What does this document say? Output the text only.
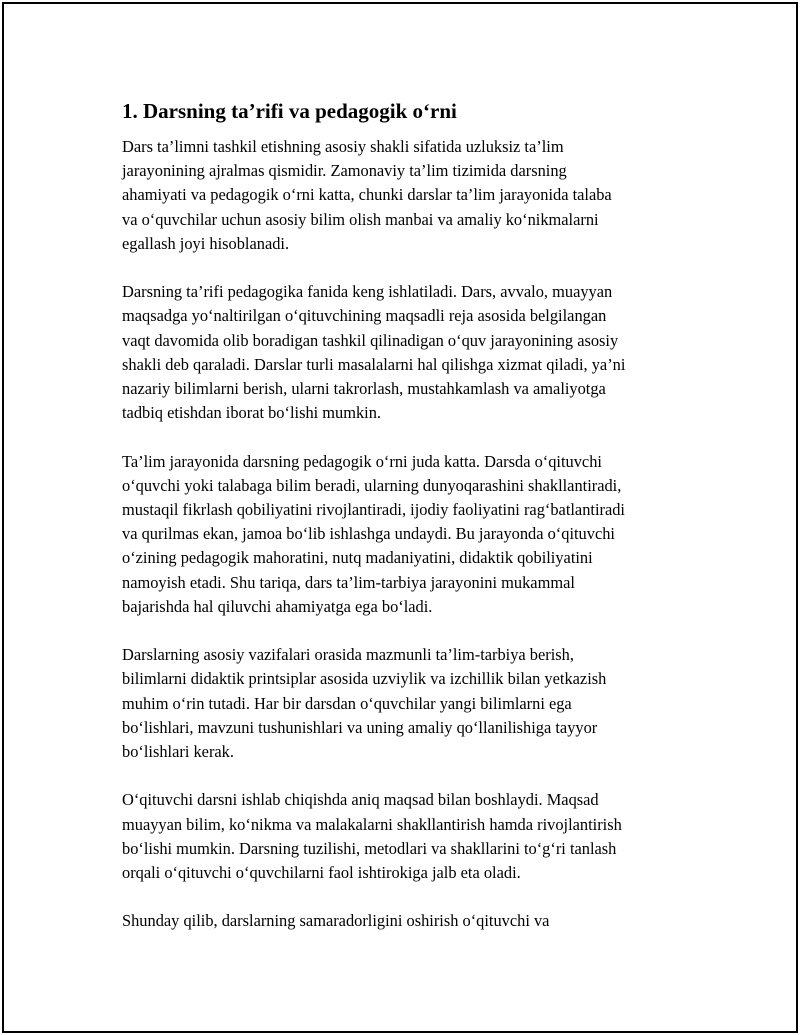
1. Darsning ta’rifi va pedagogik o‘rni

Dars ta’limni tashkil etishning asosiy shakli sifatida uzluksiz ta’lim
jarayonining ajralmas qismidir. Zamonaviy ta’lim tizimida darsning
ahamiyati va pedagogik o‘rni katta, chunki darslar ta’lim jarayonida talaba
va o‘quvchilar uchun asosiy bilim olish manbai va amaliy ko‘nikmalarni
egallash joyi hisoblanadi.

Darsning ta’rifi pedagogika fanida keng ishlatiladi. Dars, avvalo, muayyan
maqsadga yo‘naltirilgan o‘qituvchining maqsadli reja asosida belgilangan
vaqt davomida olib boradigan tashkil qilinadigan o‘quv jarayonining asosiy
shakli deb qaraladi. Darslar turli masalalarni hal qilishga xizmat qiladi, ya’ni
nazariy bilimlarni berish, ularni takrorlash, mustahkamlash va amaliyotga
tadbiq etishdan iborat bo‘lishi mumkin.

Ta’lim jarayonida darsning pedagogik o‘rni juda katta. Darsda o‘qituvchi
o‘quvchi yoki talabaga bilim beradi, ularning dunyoqarashini shakllantiradi,
mustaqil fikrlash qobiliyatini rivojlantiradi, ijodiy faoliyatini rag‘batlantiradi
va qurilmas ekan, jamoa bo‘lib ishlashga undaydi. Bu jarayonda o‘qituvchi
o‘zining pedagogik mahoratini, nutq madaniyatini, didaktik qobiliyatini
namoyish etadi. Shu tariqa, dars ta’lim-tarbiya jarayonini mukammal
bajarishda hal qiluvchi ahamiyatga ega bo‘ladi.

Darslarning asosiy vazifalari orasida mazmunli ta’lim-tarbiya berish,
bilimlarni didaktik printsiplar asosida uzviylik va izchillik bilan yetkazish
muhim o‘rin tutadi. Har bir darsdan o‘quvchilar yangi bilimlarni ega
bo‘lishlari, mavzuni tushunishlari va uning amaliy qo‘llanilishiga tayyor
bo‘lishlari kerak.

O‘qituvchi darsni ishlab chiqishda aniq maqsad bilan boshlaydi. Maqsad
muayyan bilim, ko‘nikma va malakalarni shakllantirish hamda rivojlantirish
bo‘lishi mumkin. Darsning tuzilishi, metodlari va shakllarini to‘g‘ri tanlash
orqali o‘qituvchi o‘quvchilarni faol ishtirokiga jalb eta oladi.

Shunday qilib, darslarning samaradorligini oshirish o‘qituvchi va
